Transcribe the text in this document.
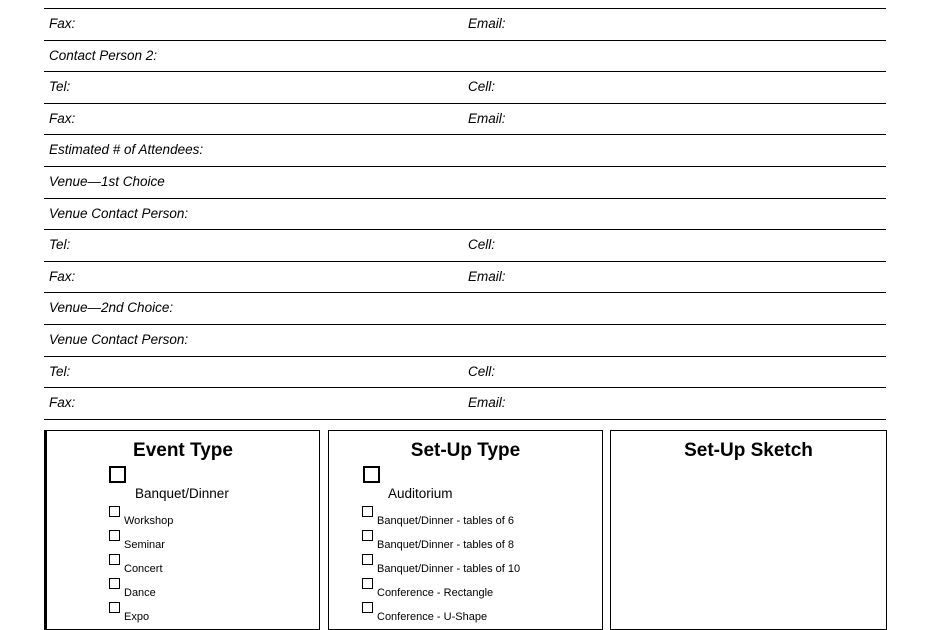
Fax:	Email:
Contact Person 2:
Tel:	Cell:
Fax:	Email:
Estimated # of Attendees:
Venue—1st Choice
Venue Contact Person:
Tel:	Cell:
Fax:	Email:
Venue—2nd Choice:
Venue Contact Person:
Tel:	Cell:
Fax:	Email:
Event Type
Banquet/Dinner
Workshop
Seminar
Concert
Dance
Expo
Set-Up Type
Auditorium
Banquet/Dinner - tables of 6
Banquet/Dinner - tables of 8
Banquet/Dinner - tables of 10
Conference - Rectangle
Conference - U-Shape
Set-Up Sketch
